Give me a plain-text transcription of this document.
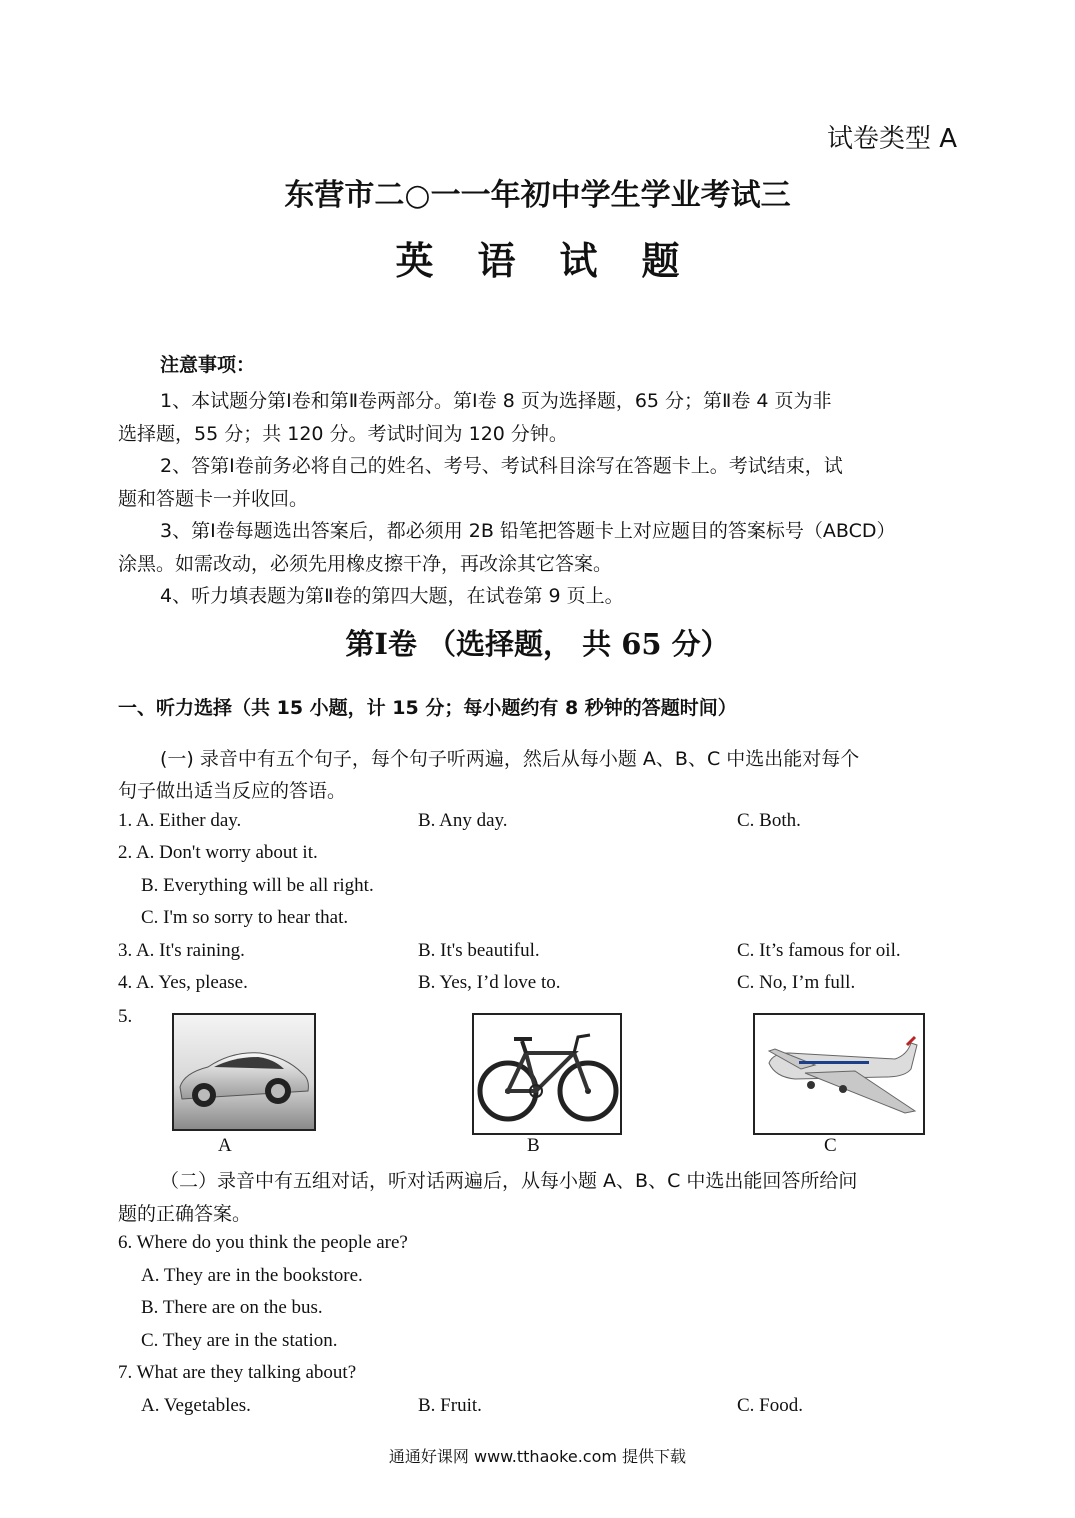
试卷类型 A
东营市二○一一年初中学生学业考试三
英语试题
注意事项：
1、本试题分第Ⅰ卷和第Ⅱ卷两部分。第Ⅰ卷 8 页为选择题，65 分；第Ⅱ卷 4 页为非
选择题，55 分；共 120 分。考试时间为 120 分钟。
2、答第Ⅰ卷前务必将自己的姓名、考号、考试科目涂写在答题卡上。考试结束，试
题和答题卡一并收回。
3、第Ⅰ卷每题选出答案后，都必须用 2B 铅笔把答题卡上对应题目的答案标号（ABCD）
涂黑。如需改动，必须先用橡皮擦干净，再改涂其它答案。
4、听力填表题为第Ⅱ卷的第四大题，在试卷第 9 页上。
第Ⅰ卷 （选择题， 共 65 分）
一、听力选择（共 15 小题，计 15 分；每小题约有 8 秒钟的答题时间）
(一) 录音中有五个句子，每个句子听两遍，然后从每小题 A、B、C 中选出能对每个
句子做出适当反应的答语。
1. A. Either day.	B. Any day.	C. Both.
2. A. Don't worry about it.
B. Everything will be all right.
C. I'm so sorry to hear that.
3. A. It's raining.	B. It's beautiful.	C. It’s famous for oil.
4. A. Yes, please.	B. Yes, I’d love to.	C. No, I’m full.
5.
A	B	C
（二）录音中有五组对话，听对话两遍后，从每小题 A、B、C 中选出能回答所给问
题的正确答案。
6. Where do you think the people are?
A. They are in the bookstore.
B. There are on the bus.
C. They are in the station.
7. What are they talking about?
A. Vegetables.	B. Fruit.	C. Food.
通通好课网 www.tthaoke.com 提供下载
